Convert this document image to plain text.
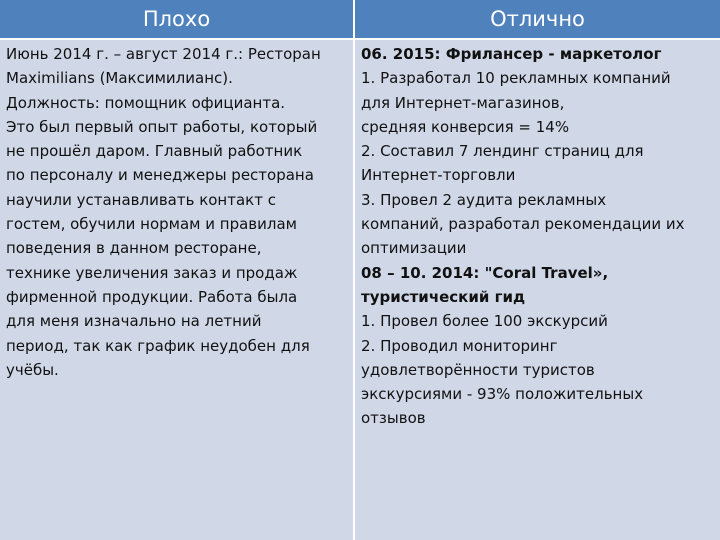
Плохо	Отлично
Июнь 2014 г. – август 2014 г.: Ресторан
Maximilians (Максимилианс).
Должность: помощник официанта.
Это был первый опыт работы, который
не прошёл даром. Главный работник
по персоналу и менеджеры ресторана
научили устанавливать контакт с
гостем, обучили нормам и правилам
поведения в данном ресторане,
технике увеличения заказ и продаж
фирменной продукции. Работа была
для меня изначально на летний
период, так как график неудобен для
учёбы.
06. 2015: Фрилансер - маркетолог
1. Разработал 10 рекламных компаний
для Интернет-магазинов,
средняя конверсия = 14%
2. Составил 7 лендинг страниц для
Интернет-торговли
3. Провел 2 аудита рекламных
компаний, разработал рекомендации их
оптимизации
08 – 10. 2014: "Coral Travel»,
туристический гид
1. Провел более 100 экскурсий
2. Проводил мониторинг
удовлетворённости туристов
экскурсиями - 93% положительных
отзывов
